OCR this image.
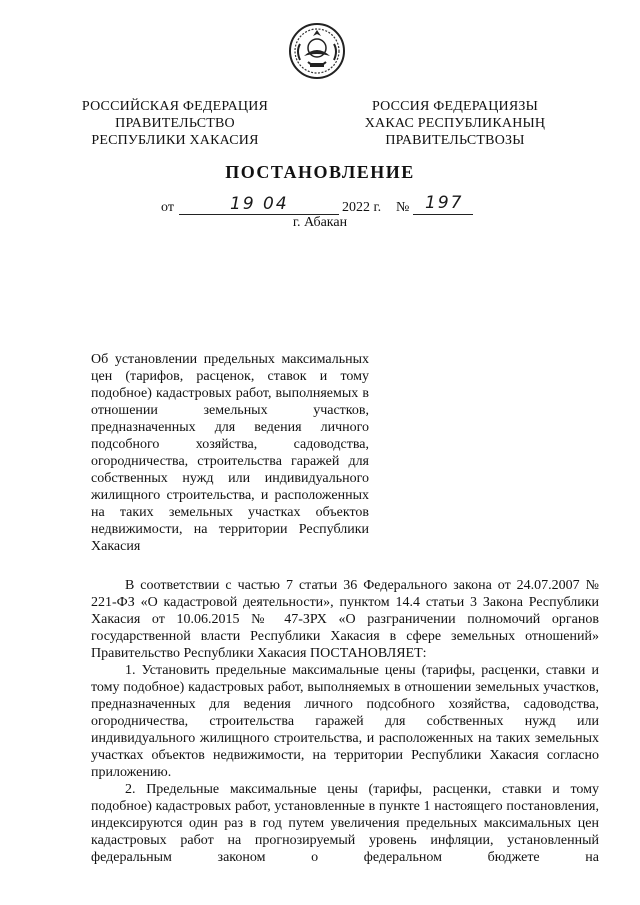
РОССИЙСКАЯ ФЕДЕРАЦИЯ
ПРАВИТЕЛЬСТВО
РЕСПУБЛИКИ ХАКАСИЯ
РОССИЯ ФЕДЕРАЦИЯЗЫ
ХАКАС РЕСПУБЛИКАНЫҢ
ПРАВИТЕЛЬСТВОЗЫ
ПОСТАНОВЛЕНИЕ
от	19 04	2022 г. № 197
г. Абакан
Об установлении предельных максимальных цен (тарифов, расценок, ставок и тому подобное) кадастровых работ, выполняемых в отношении земельных участков, предназначенных для ведения личного подсобного хозяйства, садоводства, огородничества, строительства гаражей для собственных нужд или индивидуального жилищного строительства, и расположенных на таких земельных участках объектов недвижимости, на территории Республики Хакасия

В соответствии с частью 7 статьи 36 Федерального закона от 24.07.2007 № 221-ФЗ «О кадастровой деятельности», пунктом 14.4 статьи 3 Закона Республики Хакасия от 10.06.2015 № 47-ЗРХ «О разграничении полномочий органов государственной власти Республики Хакасия в сфере земельных отношений» Правительство Республики Хакасия ПОСТАНОВЛЯЕТ:

1. Установить предельные максимальные цены (тарифы, расценки, ставки и тому подобное) кадастровых работ, выполняемых в отношении земельных участков, предназначенных для ведения личного подсобного хозяйства, садоводства, огородничества, строительства гаражей для собственных нужд или индивидуального жилищного строительства, и расположенных на таких земельных участках объектов недвижимости, на территории Республики Хакасия согласно приложению.

2. Предельные максимальные цены (тарифы, расценки, ставки и тому подобное) кадастровых работ, установленные в пункте 1 настоящего постановления, индексируются один раз в год путем увеличения предельных максимальных цен кадастровых работ на прогнозируемый уровень инфляции, установленный федеральным законом о федеральном бюджете на
